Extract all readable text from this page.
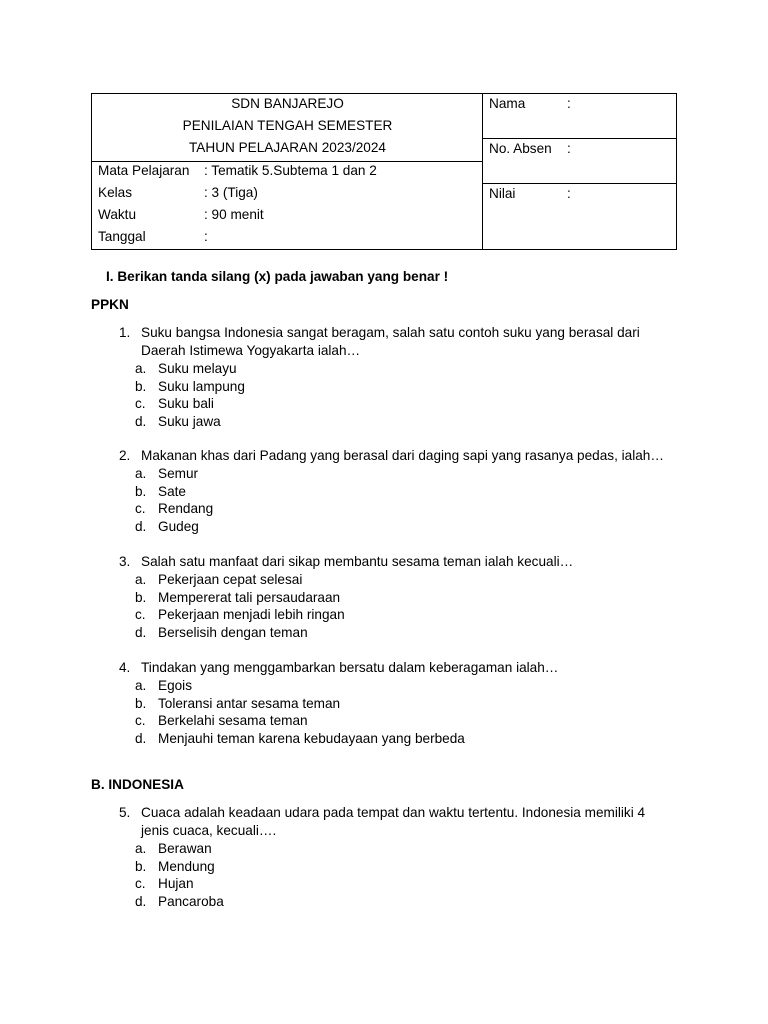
SDN BANJAREJO
PENILAIAN TENGAH SEMESTER
TAHUN PELAJARAN 2023/2024
Mata Pelajaran	: Tematik 5.Subtema 1 dan 2
Kelas	: 3 (Tiga)
Waktu	: 90 menit
Tanggal	:
Nama	:
No. Absen :
Nilai	:
I. Berikan tanda silang (x) pada jawaban yang benar !
PPKN
1. Suku bangsa Indonesia sangat beragam, salah satu contoh suku yang berasal dari
Daerah Istimewa Yogyakarta ialah…
a. Suku melayu
b. Suku lampung
c. Suku bali
d. Suku jawa
2. Makanan khas dari Padang yang berasal dari daging sapi yang rasanya pedas, ialah…
a. Semur
b. Sate
c. Rendang
d. Gudeg
3. Salah satu manfaat dari sikap membantu sesama teman ialah kecuali…
a. Pekerjaan cepat selesai
b. Mempererat tali persaudaraan
c. Pekerjaan menjadi lebih ringan
d. Berselisih dengan teman
4. Tindakan yang menggambarkan bersatu dalam keberagaman ialah…
a. Egois
b. Toleransi antar sesama teman
c. Berkelahi sesama teman
d. Menjauhi teman karena kebudayaan yang berbeda
B. INDONESIA
5. Cuaca adalah keadaan udara pada tempat dan waktu tertentu. Indonesia memiliki 4
jenis cuaca, kecuali….
a. Berawan
b. Mendung
c. Hujan
d. Pancaroba
